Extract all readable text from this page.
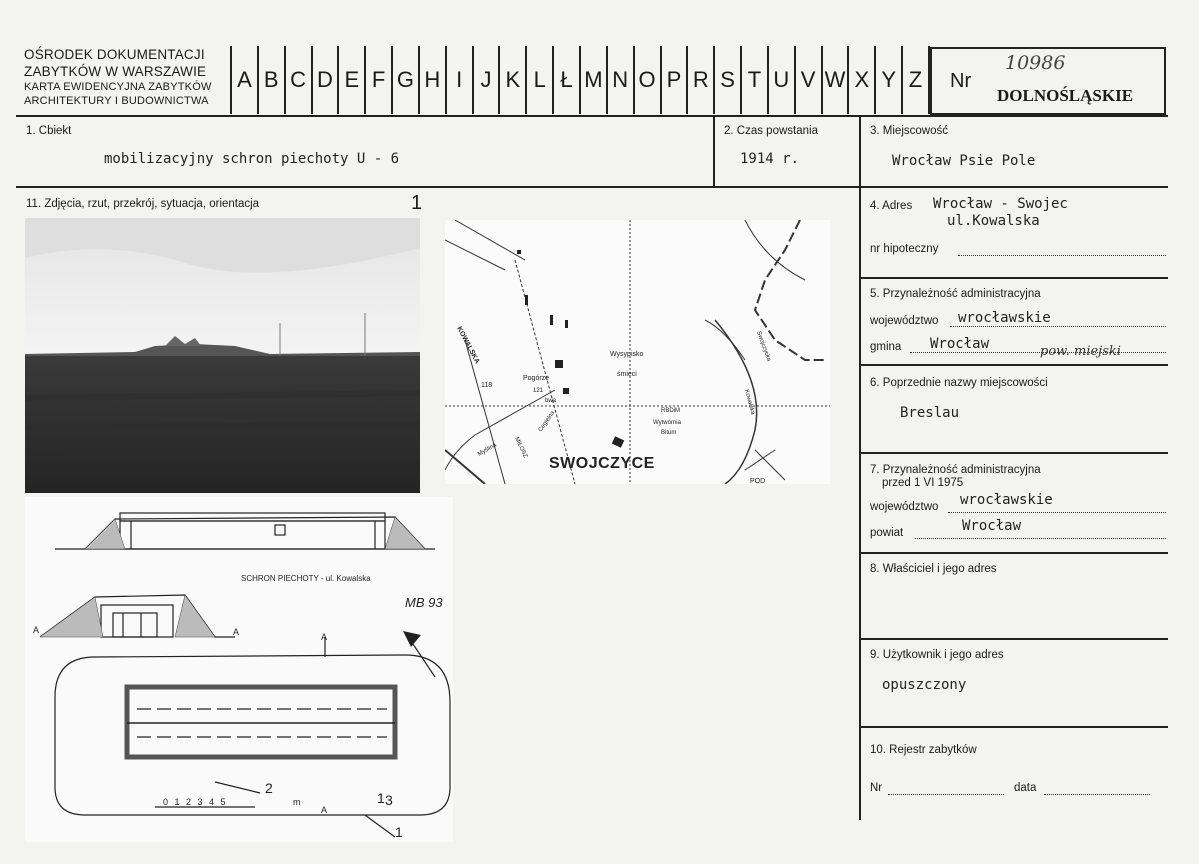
OŚRODEK DOKUMENTACJI
ZABYTKÓW W WARSZAWIE
KARTA EWIDENCYJNA ZABYTKÓW
ARCHITEKTURY I BUDOWNICTWA
A B C D E F G H I J K L Ł M N O P R S T U V W X Y Z	Nr
10986
DOLNOŚLĄSKIE
1. Cbiekt
mobilizacyjny schron piechoty U - 6
2. Czas powstania
1914 r.
3. Miejscowość
Wrocław Psie Pole
11. Zdjęcia, rzut, przekrój, sytuacja, orientacja	1
Wysypisko
śmieci
Pogórze
121
bwa
RBDiM
Wytwórnia
Bitum
118
KOWALSKA	Swojczycka
Myślina	MIŁOSZ
Cegielna
Kowalska
POD
SWOJCZYCE
SCHRON PIECHOTY - ul. Kowalska
MB 93
A	A	A
A
0 1 2 3 4 5	m
2
1 3
1
4. Adres Wrocław - Swojec
ul.Kowalska
nr hipoteczny
5. Przynależność administracyjna
województwo wrocławskie
gmina Wrocław	pow. miejski
6. Poprzednie nazwy miejscowości
Breslau
7. Przynależność administracyjna
przed 1 VI 1975
województwo wrocławskie
powiat	Wrocław
8. Właściciel i jego adres
9. Użytkownik i jego adres
opuszczony
10. Rejestr zabytków
Nr	data
